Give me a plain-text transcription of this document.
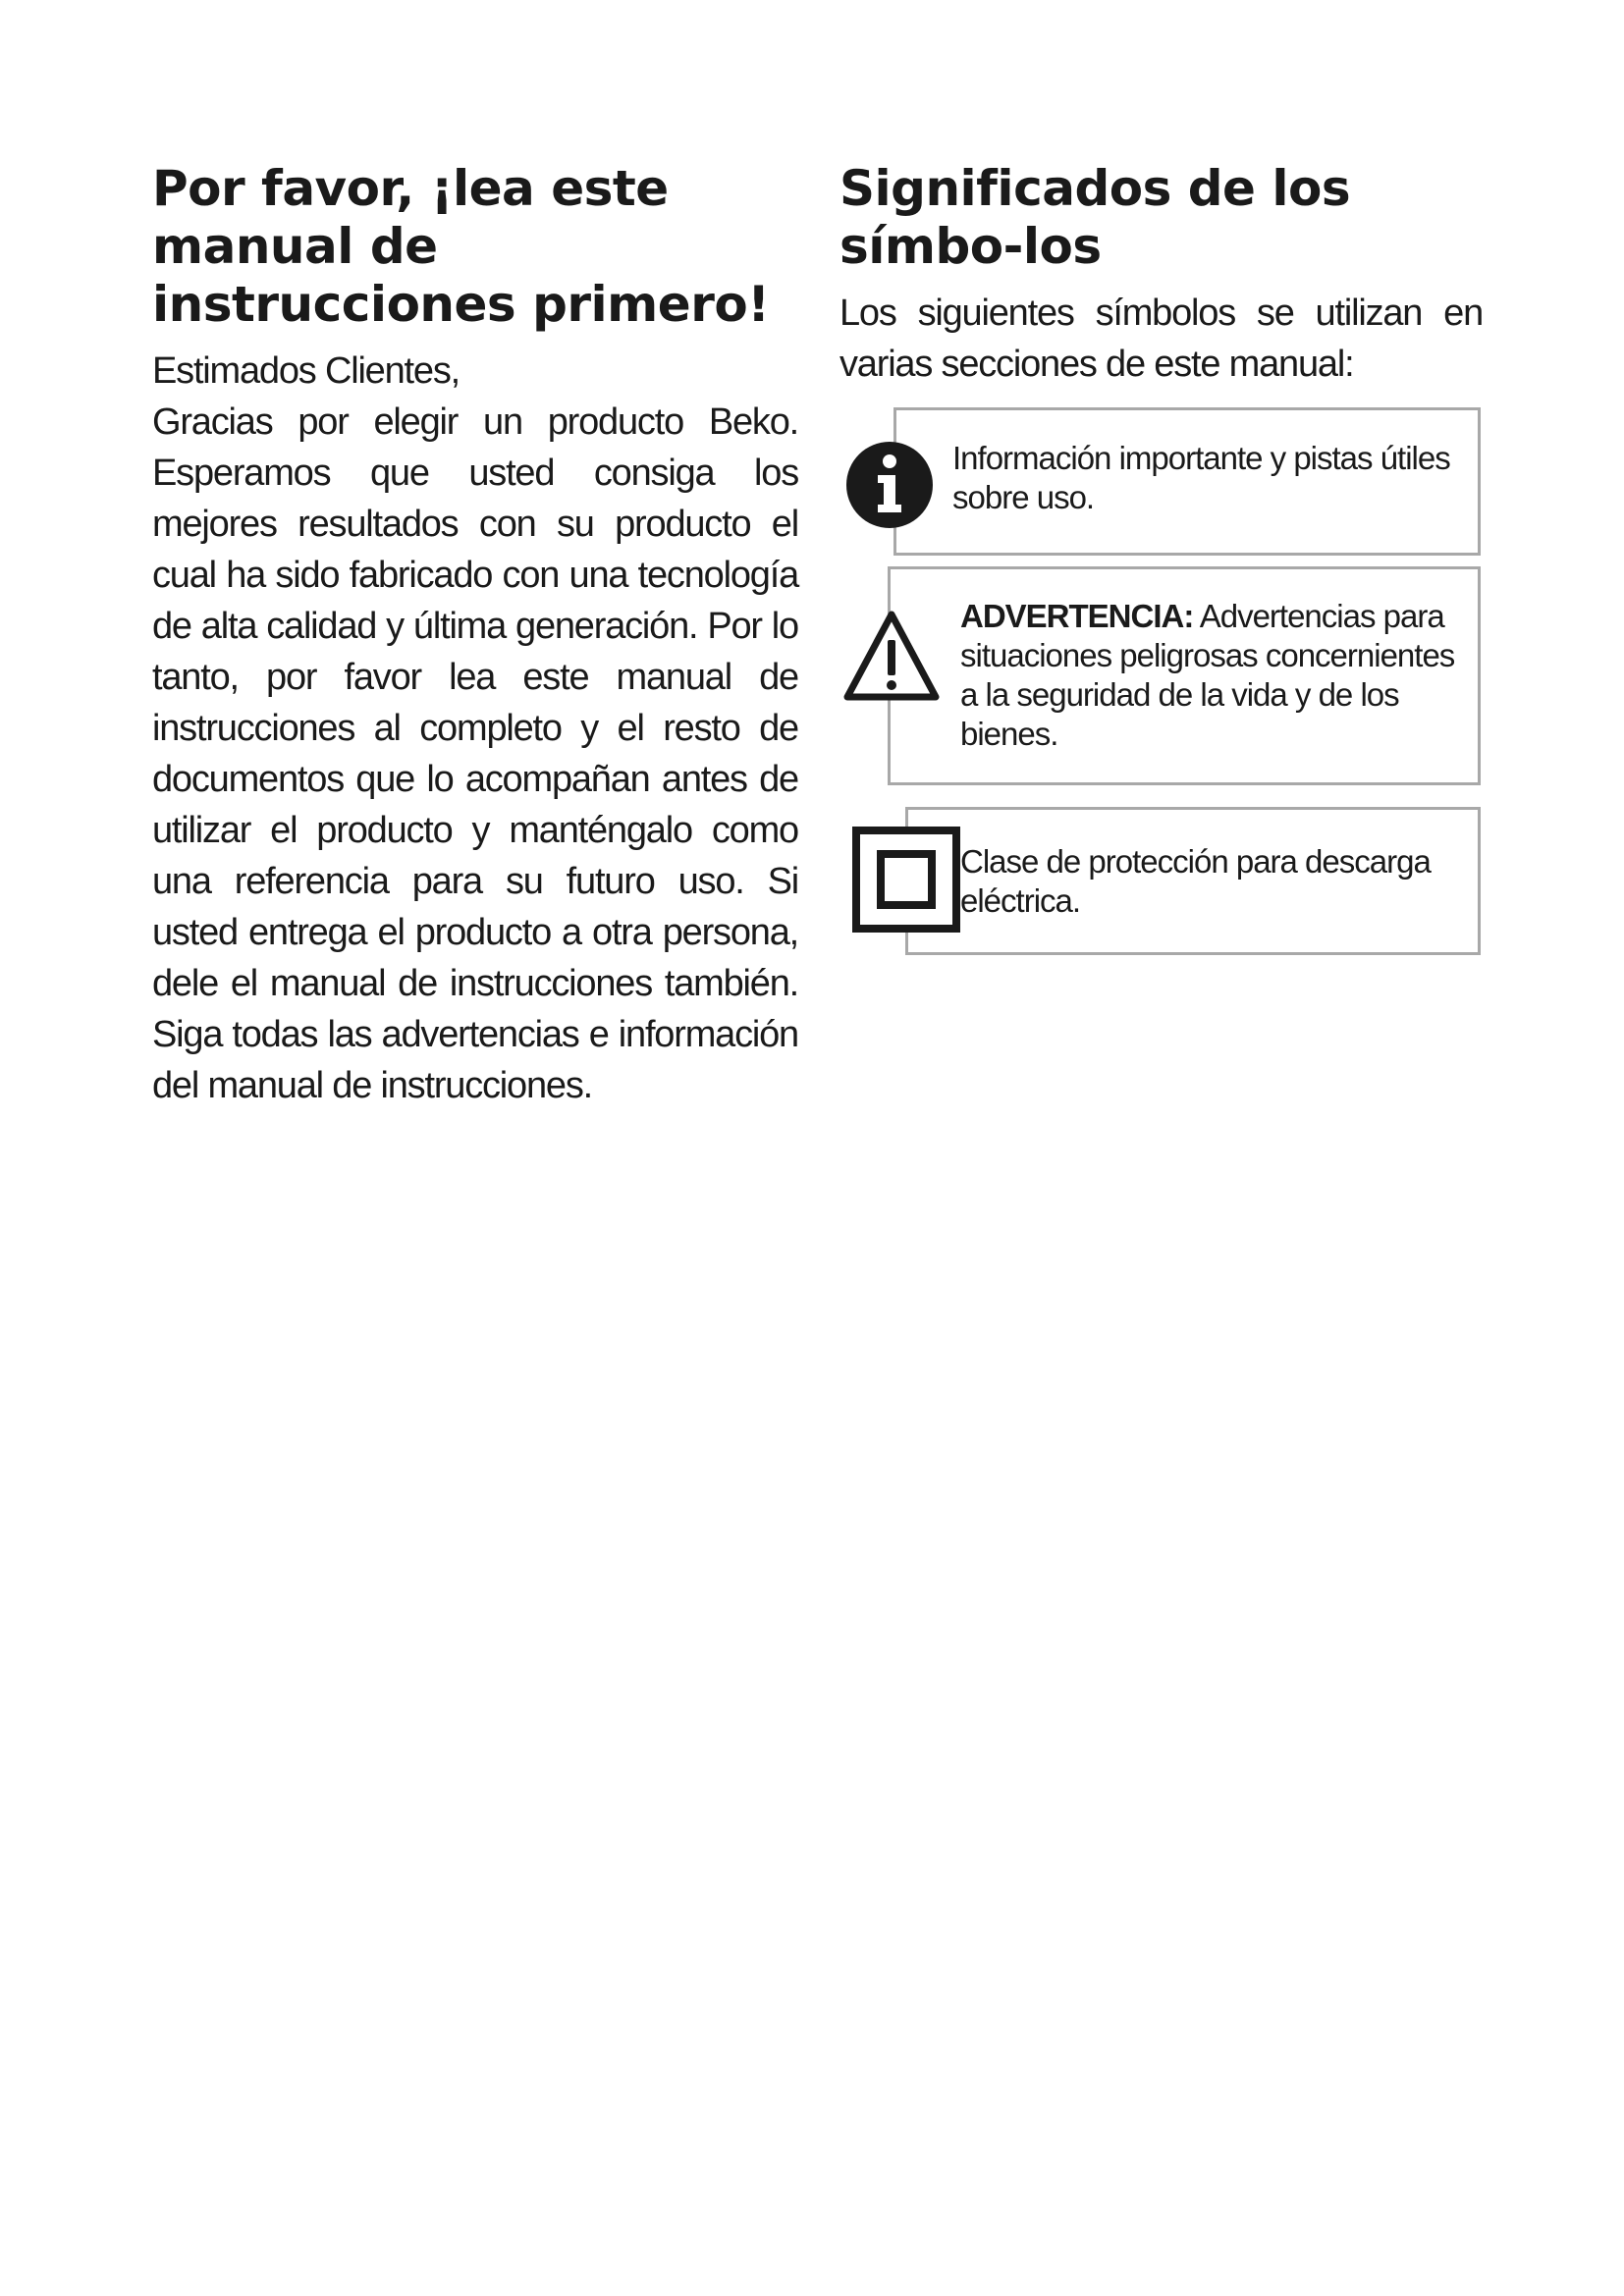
Por favor, ¡lea este manual de instrucciones primero!

Estimados Clientes,

Gracias por elegir un producto Beko. Esperamos que usted consiga los mejores resultados con su producto el cual ha sido fabricado con una tecnología de alta calidad y última generación. Por lo tanto, por favor lea este manual de instrucciones al completo y el resto de documentos que lo acompañan antes de utilizar el producto y manténgalo como una referencia para su futuro uso. Si usted entrega el producto a otra persona, dele el manual de instrucciones también. Siga todas las advertencias e información del manual de instrucciones.

Significados de los símbo-los

Los siguientes símbolos se utilizan en varias secciones de este manual:

Información importante y pistas útiles sobre uso.
ADVERTENCIA: Advertencias para situaciones peligrosas concernientes a la seguridad de la vida y de los bienes.
Clase de protección para descarga eléctrica.
